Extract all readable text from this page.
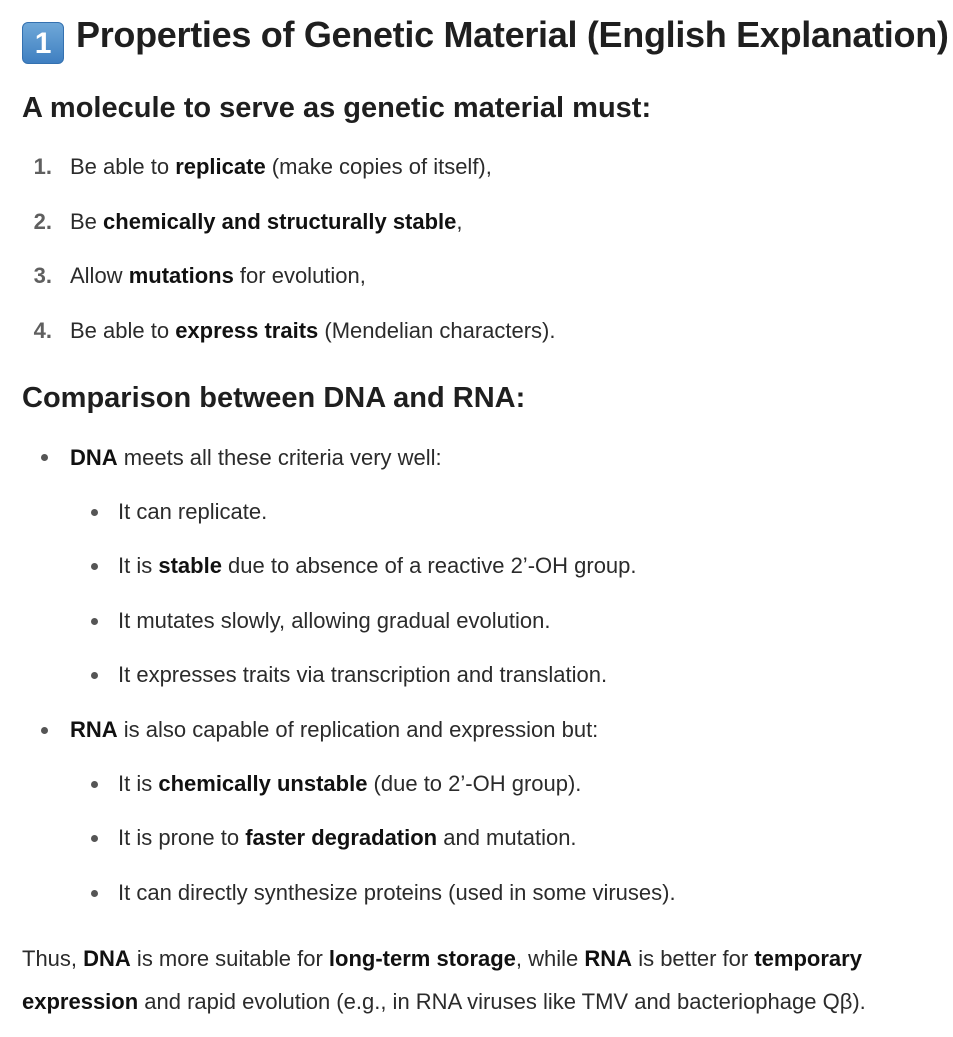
1 Properties of Genetic Material (English Explanation)
A molecule to serve as genetic material must:
1. Be able to replicate (make copies of itself),
2. Be chemically and structurally stable,
3. Allow mutations for evolution,
4. Be able to express traits (Mendelian characters).
Comparison between DNA and RNA:
DNA meets all these criteria very well:
It can replicate.
It is stable due to absence of a reactive 2’-OH group.
It mutates slowly, allowing gradual evolution.
It expresses traits via transcription and translation.
RNA is also capable of replication and expression but:
It is chemically unstable (due to 2’-OH group).
It is prone to faster degradation and mutation.
It can directly synthesize proteins (used in some viruses).
Thus, DNA is more suitable for long-term storage, while RNA is better for temporary expression and rapid evolution (e.g., in RNA viruses like TMV and bacteriophage Qβ).
